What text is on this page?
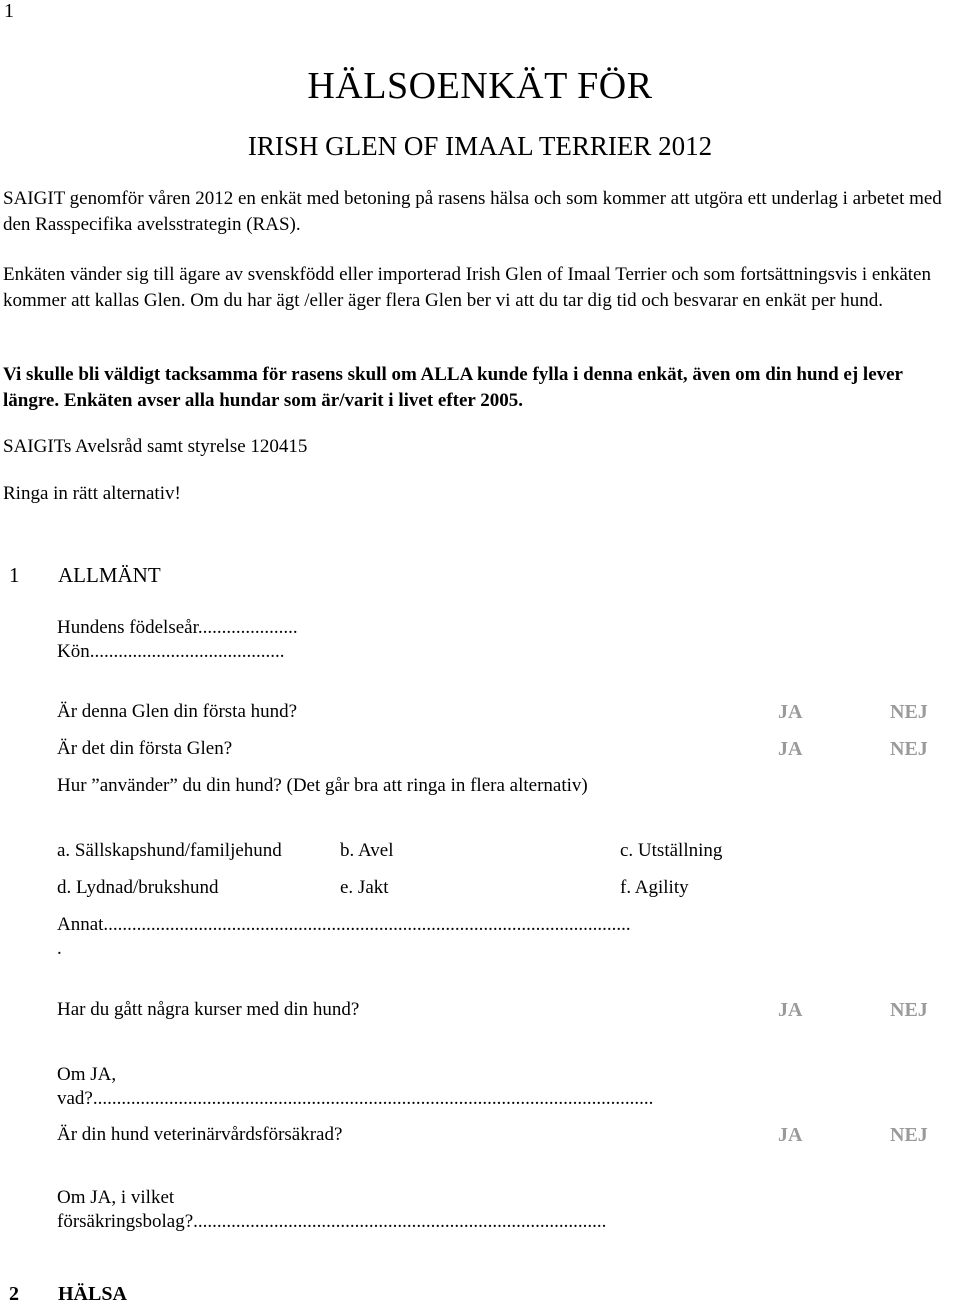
1
HÄLSOENKÄT FÖR
IRISH GLEN OF IMAAL TERRIER 2012
SAIGIT genomför våren 2012 en enkät med betoning på rasens hälsa och som kommer att utgöra ett underlag i arbetet med den Rasspecifika avelsstrategin (RAS).
Enkäten vänder sig till ägare av svenskfödd eller importerad Irish Glen of Imaal Terrier och som fortsättningsvis i enkäten kommer att kallas Glen. Om du har ägt /eller äger flera Glen ber vi att du tar dig tid och besvarar en enkät per hund.
Vi skulle bli väldigt tacksamma för rasens skull om ALLA kunde fylla i denna enkät, även om din hund ej lever längre. Enkäten avser alla hundar som är/varit i livet efter 2005.
SAIGITs Avelsråd samt styrelse 120415
Ringa in rätt alternativ!
1 ALLMÄNT
Hundens födelseår.....................
Kön.........................................
Är denna Glen din första hund?	JA	NEJ
Är det din första Glen?	JA	NEJ
Hur ”använder” du din hund? (Det går bra att ringa in flera alternativ)
a. Sällskapshund/familjehund	b. Avel	c. Utställning
d. Lydnad/brukshund	e. Jakt	f. Agility
Annat...............................................................................................................
.
Har du gått några kurser med din hund?	JA	NEJ
Om JA,
vad?......................................................................................................................
Är din hund veterinärvårdsförsäkrad?	JA	NEJ
Om JA, i vilket
försäkringsbolag?.......................................................................................
2 HÄLSA
